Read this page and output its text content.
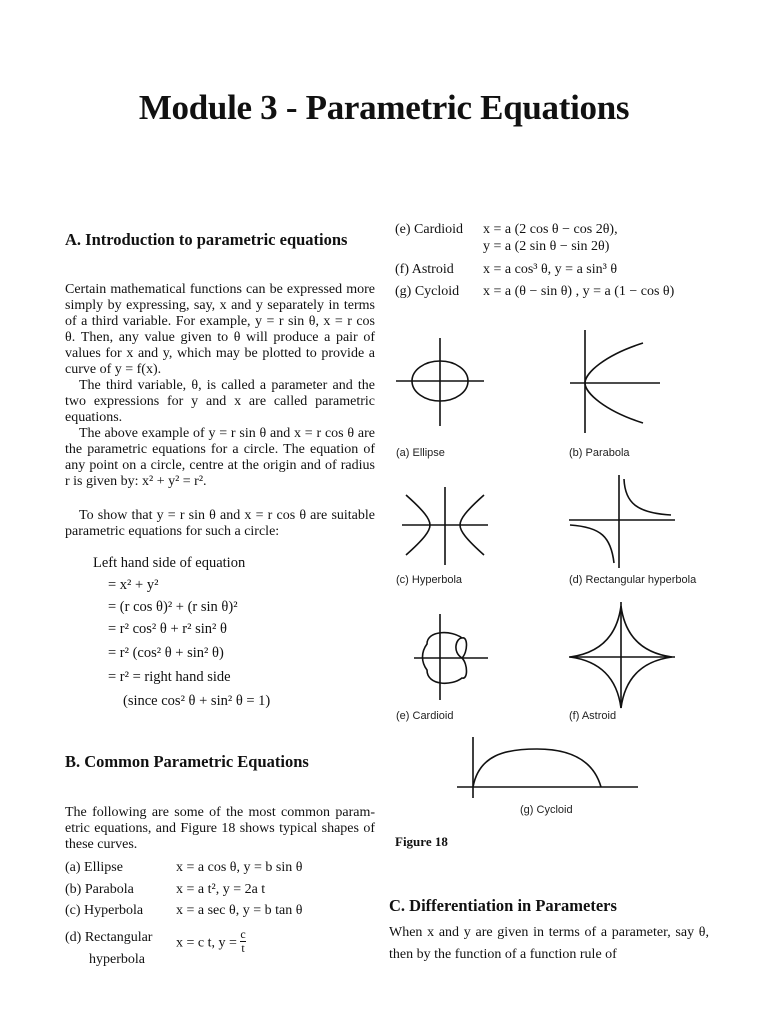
Module 3 - Parametric Equations
A. Introduction to parametric equations
Certain mathematical functions can be expressed more simply by expressing, say, x and y separately in terms of a third variable. For example, y = r sin θ, x = r cos θ. Then, any value given to θ will produce a pair of values for x and y, which may be plotted to provide a curve of y = f(x).
The third variable, θ, is called a parameter and the two expressions for y and x are called parametric equations.
The above example of y = r sin θ and x = r cos θ are the parametric equations for a circle. The equation of any point on a circle, centre at the origin and of radius r is given by: x² + y² = r².
To show that y = r sin θ and x = r cos θ are suitable parametric equations for such a circle:
Left hand side of equation
= x² + y²
= (r cos θ)² + (r sin θ)²
= r² cos² θ + r² sin² θ
= r² (cos² θ + sin² θ)
= r² = right hand side
(since cos² θ + sin² θ = 1)
B. Common Parametric Equations
The following are some of the most common param-etric equations, and Figure 18 shows typical shapes of these curves.
(a) Ellipse	x = a cos θ, y = b sin θ
(b) Parabola	x = a t², y = 2a t
(c) Hyperbola x = a sec θ, y = b tan θ
(d) Rectangular
hyperbola
x = c t, $y = \frac{c}{t}$
(e) Cardioid x = a (2 cos θ − cos 2θ),
y = a (2 sin θ − sin 2θ)
(f) Astroid x = a cos³ θ, y = a sin³ θ
(g) Cycloid x = a (θ − sin θ) , y = a (1 − cos θ)
(a) Ellipse	(b) Parabola
(c) Hyperbola	(d) Rectangular hyperbola
(e) Cardioid	(f) Astroid
(g) Cycloid
Figure 18
C. Differentiation in Parameters
When x and y are given in terms of a parameter, say θ, then by the function of a function rule of
